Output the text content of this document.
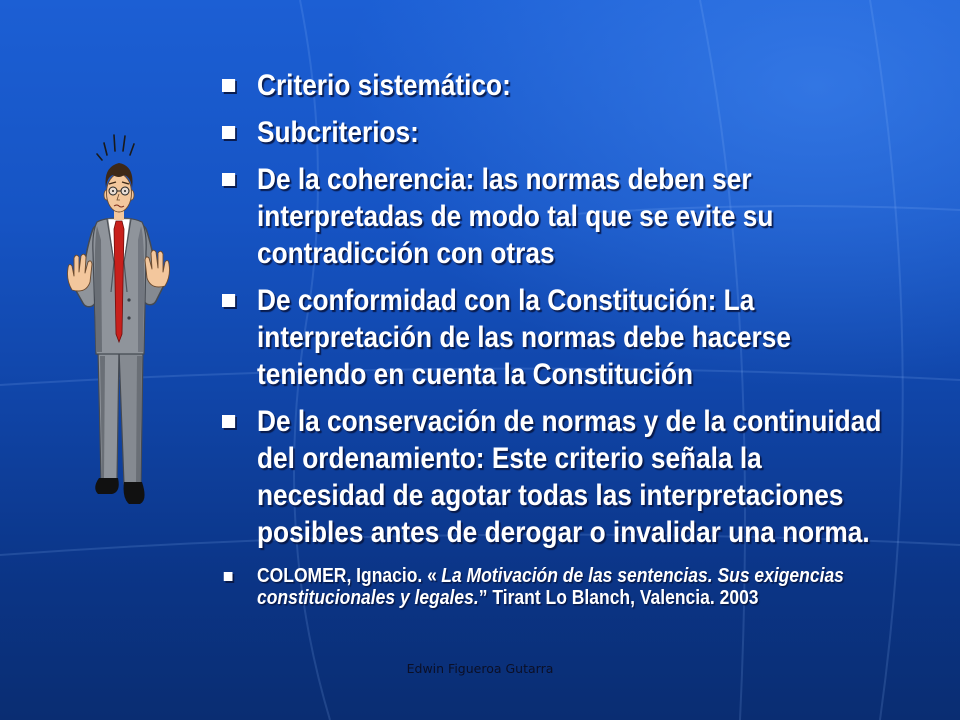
Criterio sistemático:
Subcriterios:
De la coherencia: las normas deben ser
interpretadas de modo tal que se evite su
contradicción con otras
De conformidad con la Constitución: La
interpretación de las normas debe hacerse
teniendo en cuenta la Constitución
De la conservación de normas y de la continuidad
del ordenamiento: Este criterio señala la
necesidad de agotar todas las interpretaciones
posibles antes de derogar o invalidar una norma.
COLOMER, Ignacio. « La Motivación de las sentencias. Sus exigencias
constitucionales y legales.” Tirant Lo Blanch, Valencia. 2003
Edwin Figueroa Gutarra
